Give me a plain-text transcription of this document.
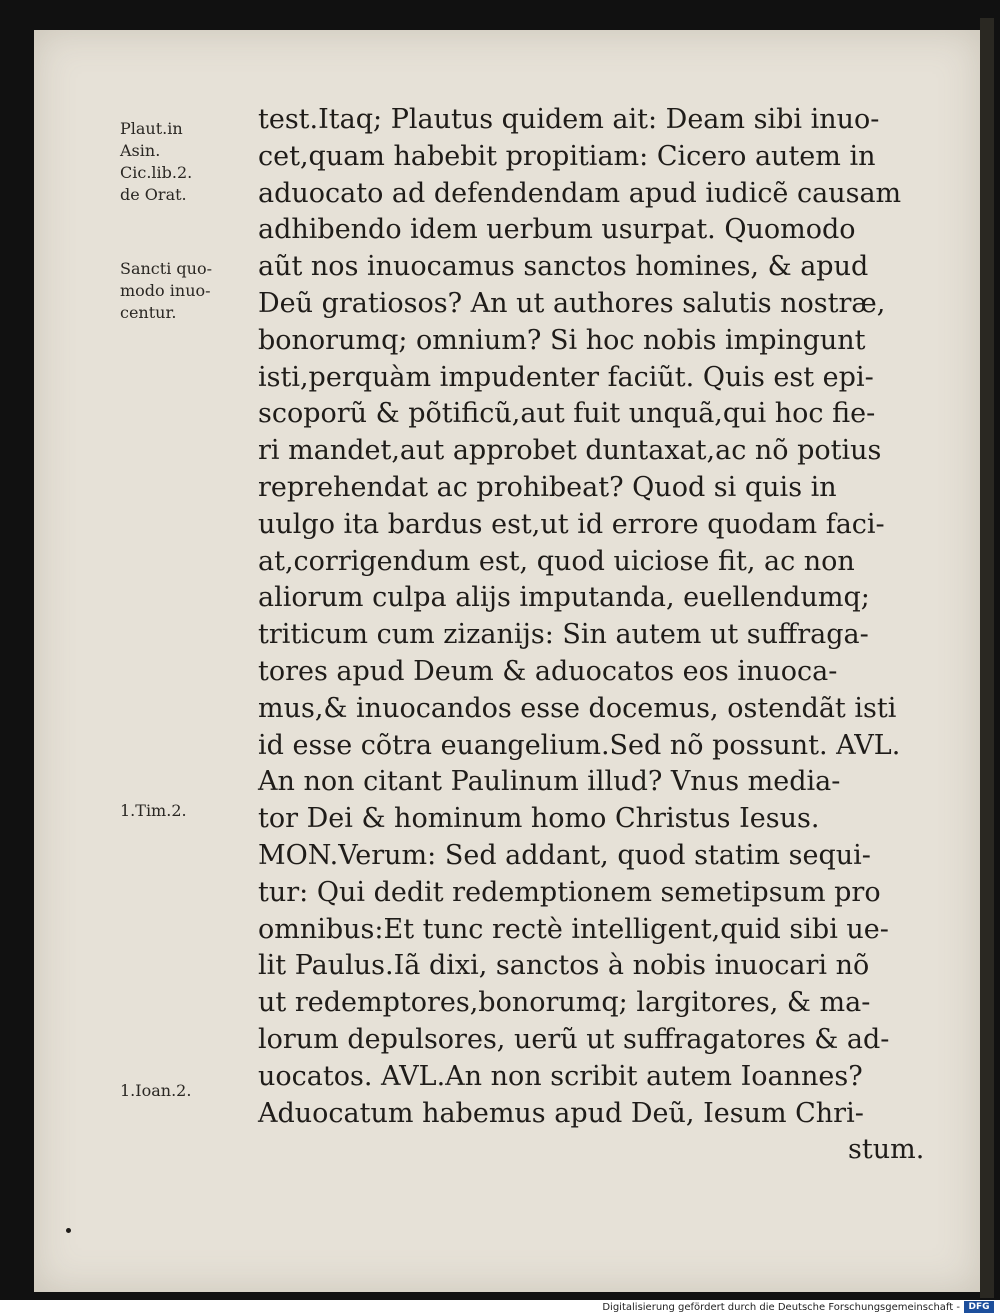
Plaut.in
Asin.
Cic.lib.2.
de Orat.

Sancti quo-
modo inuo-
centur.

1.Tim.2.

1.Ioan.2.

test.Itaq; Plautus quidem ait: Deam sibi inuo-
cet,quam habebit propitiam: Cicero autem in
aduocato ad defendendam apud iudicẽ causam
adhibendo idem uerbum usurpat. Quomodo
aũt nos inuocamus sanctos homines, & apud
Deũ gratiosos? An ut authores salutis nostræ,
bonorumq; omnium? Si hoc nobis impingunt
isti,perquàm impudenter faciũt. Quis est epi-
scoporũ & põtificũ,aut fuit unquã,qui hoc fie-
ri mandet,aut approbet duntaxat,ac nõ potius
reprehendat ac prohibeat? Quod si quis in
uulgo ita bardus est,ut id errore quodam faci-
at,corrigendum est, quod uiciose fit, ac non
aliorum culpa alijs imputanda, euellendumq;
triticum cum zizanijs: Sin autem ut suffraga-
tores apud Deum & aduocatos eos inuoca-
mus,& inuocandos esse docemus, ostendãt isti
id esse cõtra euangelium.Sed nõ possunt. AVL.
An non citant Paulinum illud? Vnus media-
tor Dei & hominum homo Christus Iesus.
MON.Verum: Sed addant, quod statim sequi-
tur: Qui dedit redemptionem semetipsum pro
omnibus:Et tunc rectè intelligent,quid sibi ue-
lit Paulus.Iã dixi, sanctos à nobis inuocari nõ
ut redemptores,bonorumq; largitores, & ma-
lorum depulsores, uerũ ut suffragatores & ad-
uocatos. AVL.An non scribit autem Ioannes?
Aduocatum habemus apud Deũ, Iesum Chri-
stum.
Digitalisierung gefördert durch die Deutsche Forschungsgemeinschaft - DFG
